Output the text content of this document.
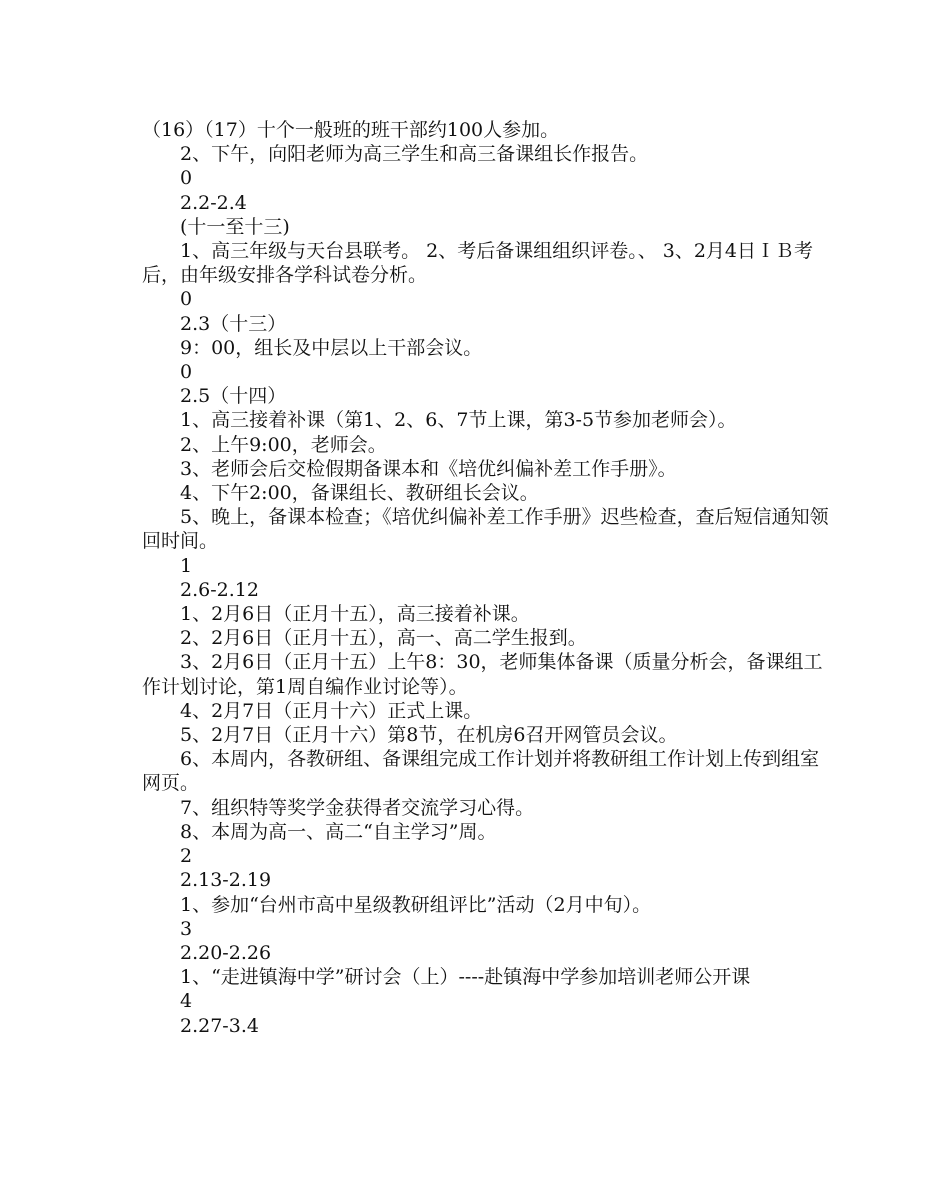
（16）（17）十个一般班的班干部约100人参加。

2、下午，向阳老师为高三学生和高三备课组长作报告。

0

2.2-2.4

(十一至十三)

1、高三年级与天台县联考。 2、考后备课组组织评卷。、 3、2月4日ＩＢ考后，由年级安排各学科试卷分析。

0

2.3（十三）

9：00，组长及中层以上干部会议。

0

2.5（十四）

1、高三接着补课（第1、2、6、7节上课，第3-5节参加老师会）。

2、上午9:00，老师会。

3、老师会后交检假期备课本和《培优纠偏补差工作手册》。

4、下午2:00，备课组长、教研组长会议。

5、晚上，备课本检查；《培优纠偏补差工作手册》迟些检查，查后短信通知领回时间。

1

2.6-2.12

1、2月6日（正月十五），高三接着补课。

2、2月6日（正月十五），高一、高二学生报到。

3、2月6日（正月十五）上午8：30，老师集体备课（质量分析会，备课组工作计划讨论，第1周自编作业讨论等）。

4、2月7日（正月十六）正式上课。

5、2月7日（正月十六）第8节，在机房6召开网管员会议。

6、本周内，各教研组、备课组完成工作计划并将教研组工作计划上传到组室网页。

7、组织特等奖学金获得者交流学习心得。

8、本周为高一、高二“自主学习”周。

2

2.13-2.19

1、参加“台州市高中星级教研组评比”活动（2月中旬）。

3

2.20-2.26

1、“走进镇海中学”研讨会（上）----赴镇海中学参加培训老师公开课

4

2.27-3.4
